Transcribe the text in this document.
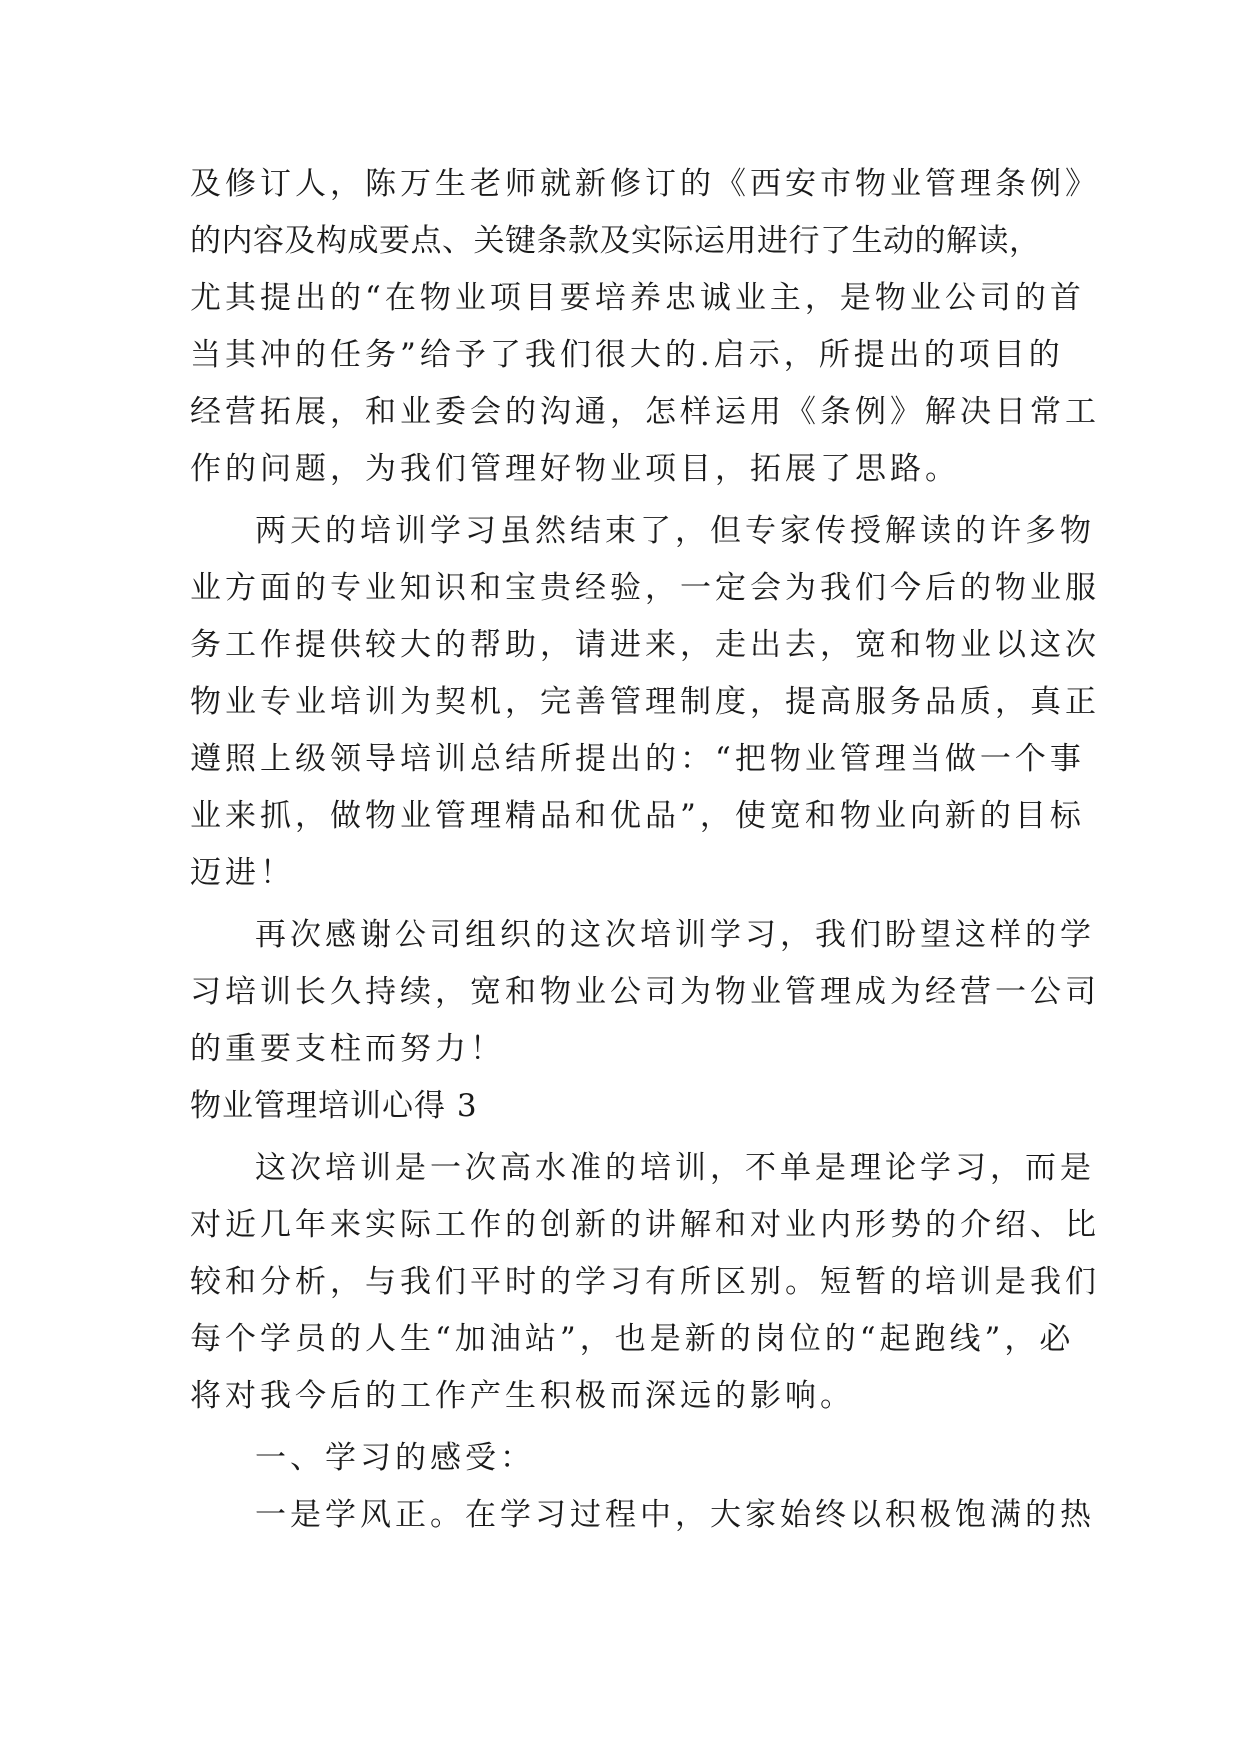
及修订人，陈万生老师就新修订的《西安市物业管理条例》
的内容及构成要点、关键条款及实际运用进行了生动的解读，
尤其提出的“在物业项目要培养忠诚业主，是物业公司的首
当其冲的任务”给予了我们很大的.启示，所提出的项目的
经营拓展，和业委会的沟通，怎样运用《条例》解决日常工
作的问题，为我们管理好物业项目，拓展了思路。
两天的培训学习虽然结束了，但专家传授解读的许多物
业方面的专业知识和宝贵经验，一定会为我们今后的物业服
务工作提供较大的帮助，请进来，走出去，宽和物业以这次
物业专业培训为契机，完善管理制度，提高服务品质，真正
遵照上级领导培训总结所提出的：“把物业管理当做一个事
业来抓，做物业管理精品和优品”，使宽和物业向新的目标
迈进！
再次感谢公司组织的这次培训学习，我们盼望这样的学
习培训长久持续，宽和物业公司为物业管理成为经营一公司
的重要支柱而努力！
物业管理培训心得 3
这次培训是一次高水准的培训，不单是理论学习，而是
对近几年来实际工作的创新的讲解和对业内形势的介绍、比
较和分析，与我们平时的学习有所区别。短暂的培训是我们
每个学员的人生“加油站”，也是新的岗位的“起跑线”，必
将对我今后的工作产生积极而深远的影响。
一、学习的感受：
一是学风正。在学习过程中，大家始终以积极饱满的热
